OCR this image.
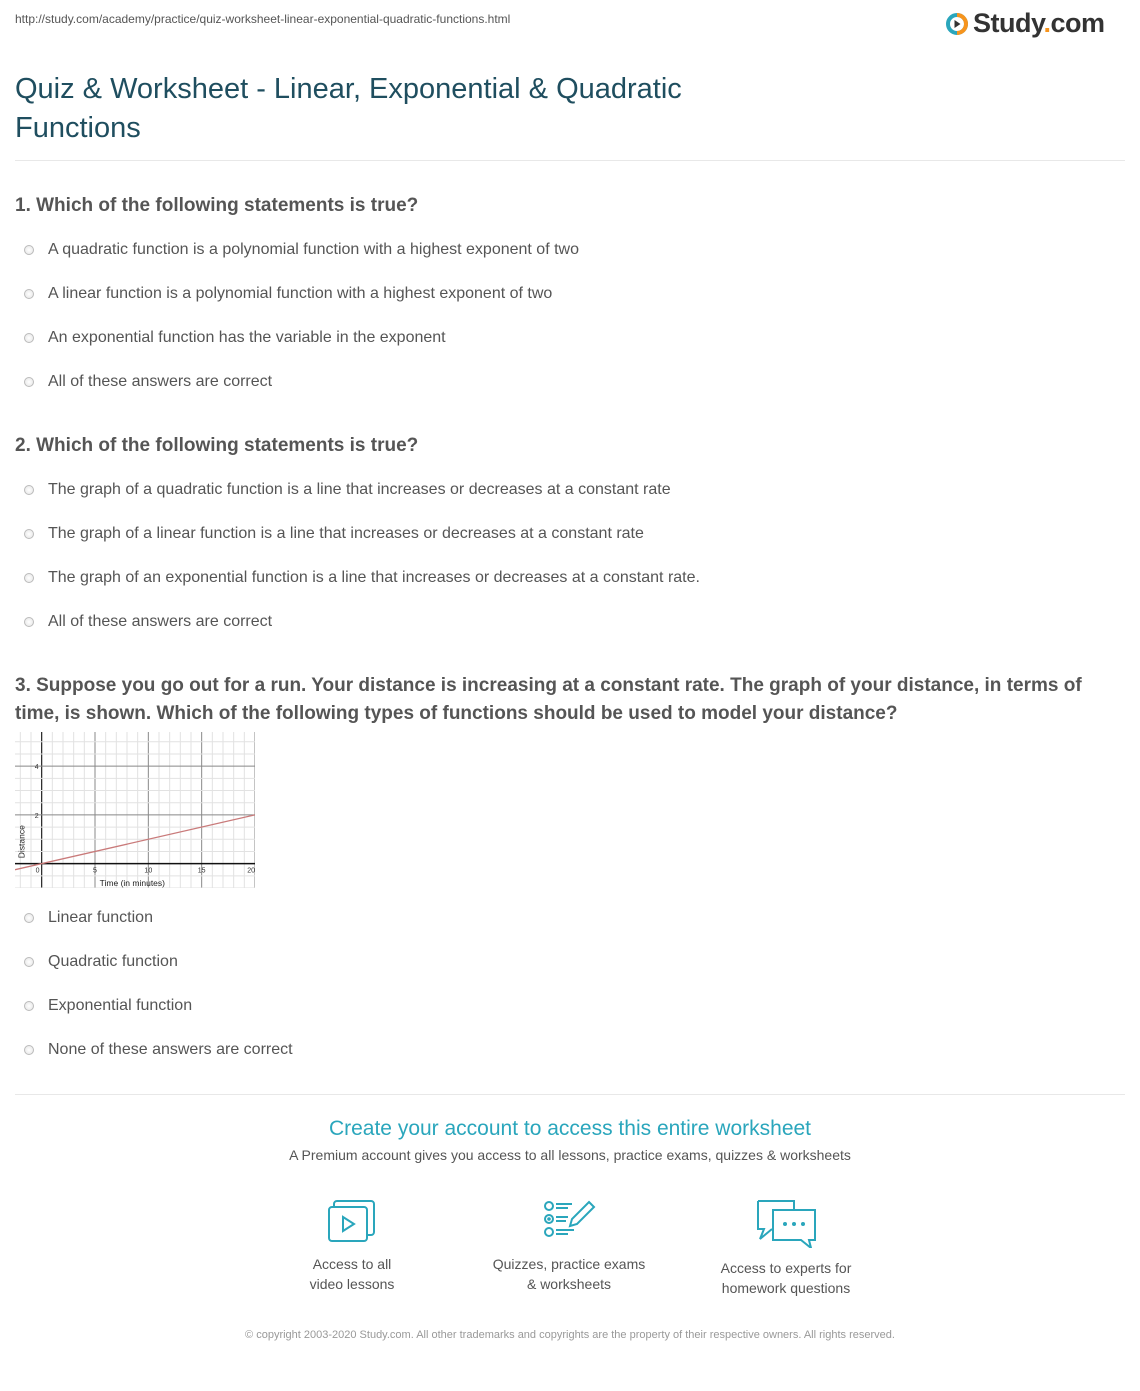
http://study.com/academy/practice/quiz-worksheet-linear-exponential-quadratic-functions.html	Study.com
Quiz & Worksheet - Linear, Exponential & Quadratic Functions
1. Which of the following statements is true?
A quadratic function is a polynomial function with a highest exponent of two
A linear function is a polynomial function with a highest exponent of two
An exponential function has the variable in the exponent
All of these answers are correct
2. Which of the following statements is true?
The graph of a quadratic function is a line that increases or decreases at a constant rate
The graph of a linear function is a line that increases or decreases at a constant rate
The graph of an exponential function is a line that increases or decreases at a constant rate.
All of these answers are correct
3. Suppose you go out for a run. Your distance is increasing at a constant rate. The graph of your distance, in terms of time, is shown. Which of the following types of functions should be used to model your distance?
0	5	10	15	20
2
4
Time (in minutes)
Distance
Linear function
Quadratic function
Exponential function
None of these answers are correct
Create your account to access this entire worksheet
A Premium account gives you access to all lessons, practice exams, quizzes & worksheets
Access to all
video lessons
Quizzes, practice exams
& worksheets
Access to experts for
homework questions
© copyright 2003-2020 Study.com. All other trademarks and copyrights are the property of their respective owners. All rights reserved.
